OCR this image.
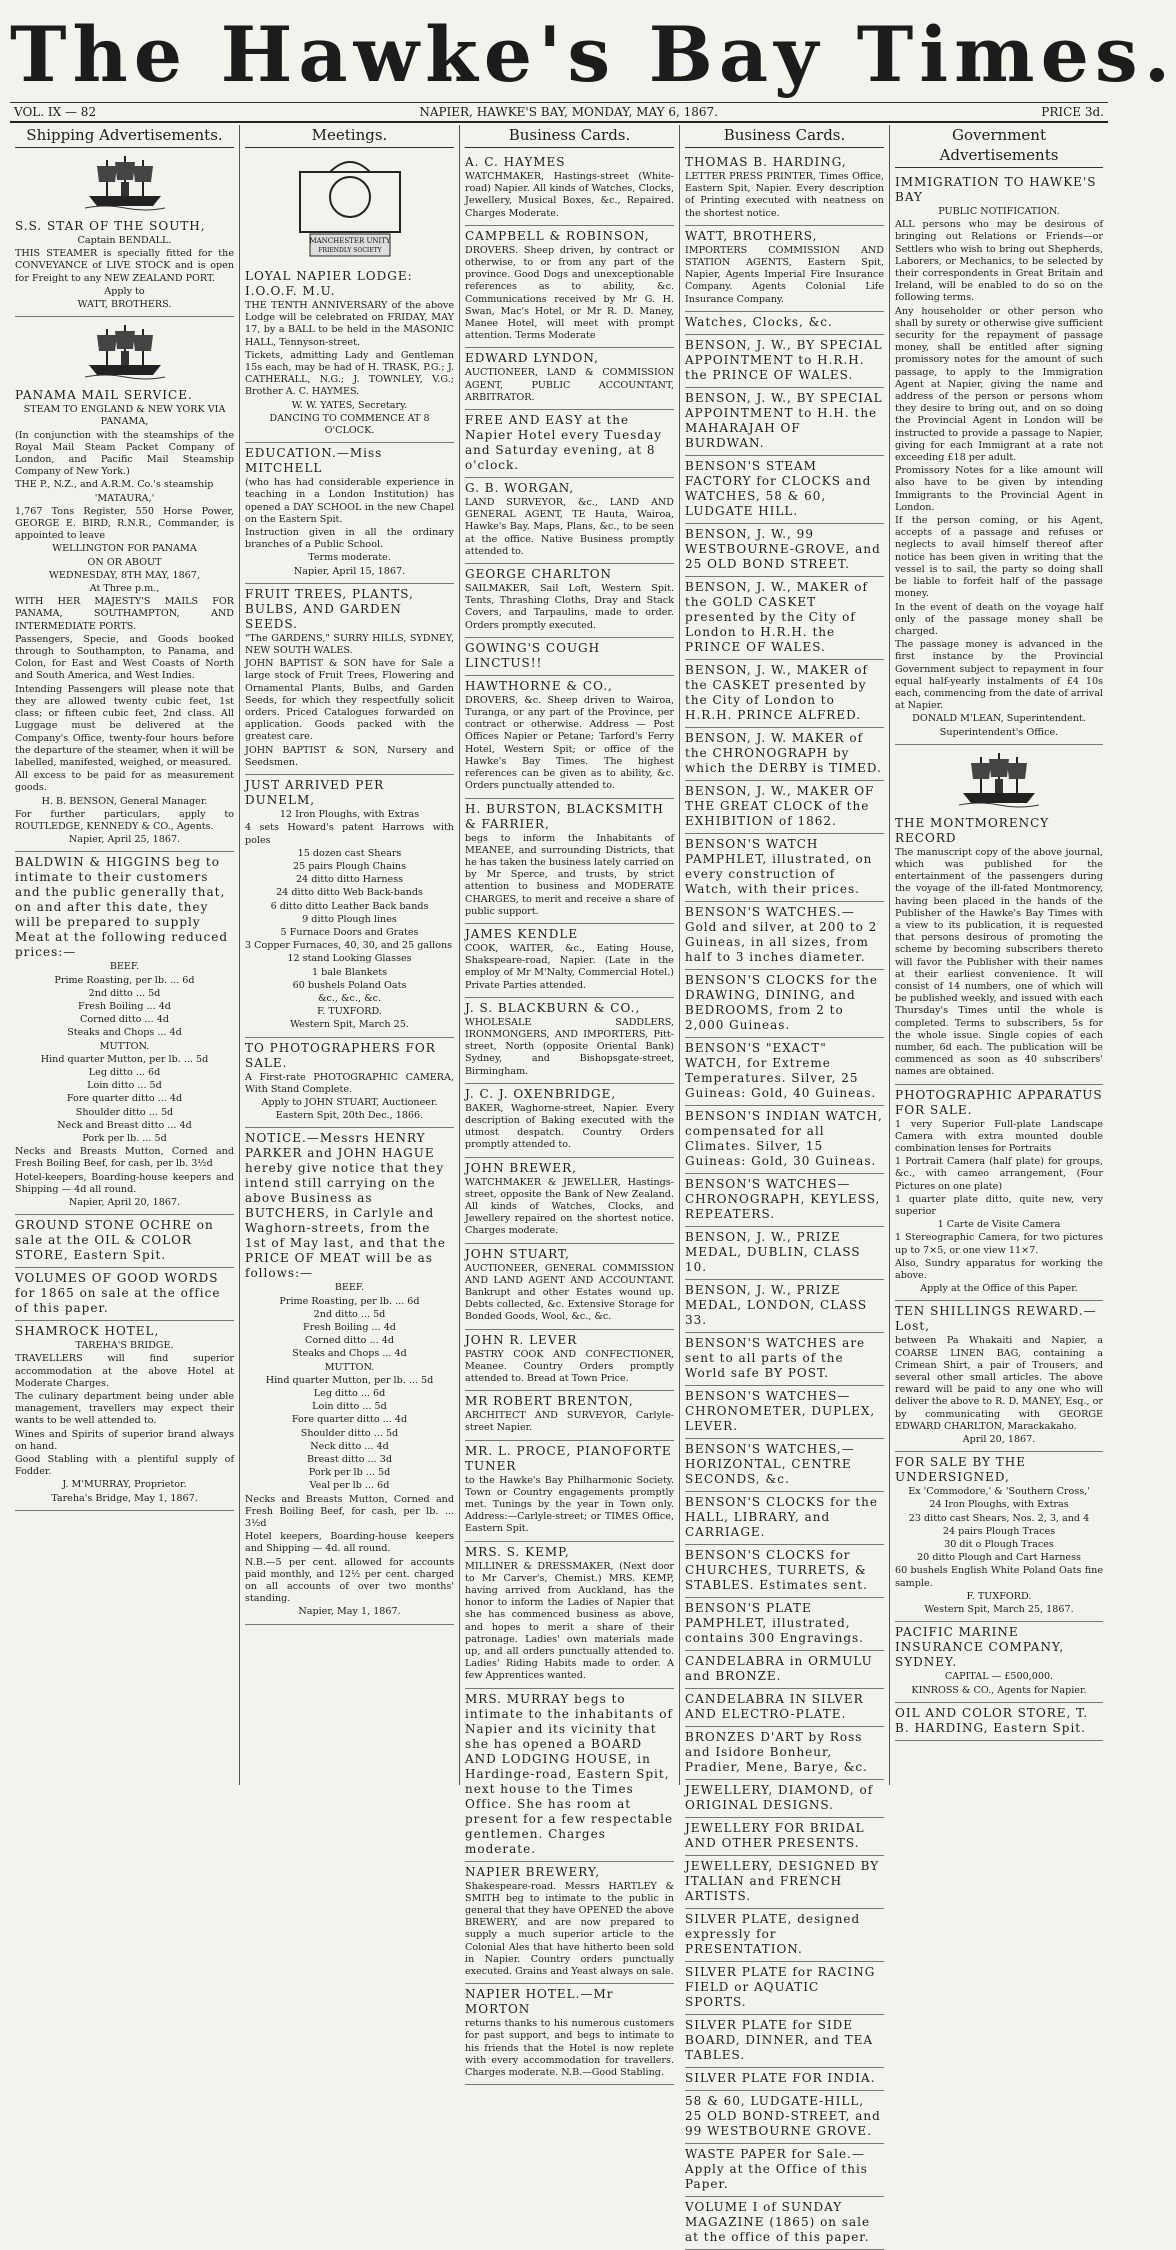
The Hawke's Bay Times.
VOL. IX — 82	NAPIER, HAWKE'S BAY, MONDAY, MAY 6, 1867.	PRICE 3d.
Shipping Advertisements.
S.S. STAR OF THE SOUTH,

Captain BENDALL.

THIS STEAMER is specially fitted for the CONVEYANCE of LIVE STOCK and is open for Freight to any NEW ZEALAND PORT.

Apply to

WATT, BROTHERS.

PANAMA MAIL SERVICE.

STEAM TO ENGLAND & NEW YORK VIA PANAMA,

(In conjunction with the steamships of the Royal Mail Steam Packet Company of London, and Pacific Mail Steamship Company of New York.)

THE P., N.Z., and A.R.M. Co.'s steamship

'MATAURA,'

1,767 Tons Register, 550 Horse Power, GEORGE E. BIRD, R.N.R., Commander, is appointed to leave

WELLINGTON FOR PANAMA

ON OR ABOUT

WEDNESDAY, 8TH MAY, 1867,

At Three p.m.,

WITH HER MAJESTY'S MAILS FOR PANAMA, SOUTHAMPTON, AND INTERMEDIATE PORTS.

Passengers, Specie, and Goods booked through to Southampton, to Panama, and Colon, for East and West Coasts of North and South America, and West Indies.

Intending Passengers will please note that they are allowed twenty cubic feet, 1st class; or fifteen cubic feet, 2nd class. All Luggage must be delivered at the Company's Office, twenty-four hours before the departure of the steamer, when it will be labelled, manifested, weighed, or measured.

All excess to be paid for as measurement goods.

H. B. BENSON, General Manager.

For further particulars, apply to ROUTLEDGE, KENNEDY & CO., Agents.

Napier, April 25, 1867.

BALDWIN & HIGGINS beg to intimate to their customers and the public generally that, on and after this date, they will be prepared to supply Meat at the following reduced prices:—

BEEF.

Prime Roasting, per lb. ... 6d

2nd ditto ... 5d

Fresh Boiling ... 4d

Corned ditto ... 4d

Steaks and Chops ... 4d

MUTTON.

Hind quarter Mutton, per lb. ... 5d

Leg ditto ... 6d

Loin ditto ... 5d

Fore quarter ditto ... 4d

Shoulder ditto ... 5d

Neck and Breast ditto ... 4d

Pork per lb. ... 5d

Necks and Breasts Mutton, Corned and Fresh Boiling Beef, for cash, per lb. 3½d

Hotel-keepers, Boarding-house keepers and Shipping — 4d all round.

Napier, April 20, 1867.

GROUND STONE OCHRE on sale at the OIL & COLOR STORE, Eastern Spit.
VOLUMES OF GOOD WORDS for 1865 on sale at the office of this paper.
SHAMROCK HOTEL,

TAREHA'S BRIDGE.

TRAVELLERS will find superior accommodation at the above Hotel at Moderate Charges.

The culinary department being under able management, travellers may expect their wants to be well attended to.

Wines and Spirits of superior brand always on hand.

Good Stabling with a plentiful supply of Fodder.

J. M'MURRAY, Proprietor.

Tareha's Bridge, May 1, 1867.

Meetings.
MANCHESTER UNITY
FRIENDLY SOCIETY
LOYAL NAPIER LODGE: I.O.O.F. M.U.

THE TENTH ANNIVERSARY of the above Lodge will be celebrated on FRIDAY, MAY 17, by a BALL to be held in the MASONIC HALL, Tennyson-street.

Tickets, admitting Lady and Gentleman 15s each, may be had of H. TRASK, P.G.; J. CATHERALL, N.G.; J. TOWNLEY, V.G.; Brother A. C. HAYMES.

W. W. YATES, Secretary.

DANCING TO COMMENCE AT 8 O'CLOCK.

EDUCATION.—Miss MITCHELL

(who has had considerable experience in teaching in a London Institution) has opened a DAY SCHOOL in the new Chapel on the Eastern Spit.

Instruction given in all the ordinary branches of a Public School.

Terms moderate.

Napier, April 15, 1867.

FRUIT TREES, PLANTS, BULBS, AND GARDEN SEEDS.

"The GARDENS," SURRY HILLS, SYDNEY, NEW SOUTH WALES.

JOHN BAPTIST & SON have for Sale a large stock of Fruit Trees, Flowering and Ornamental Plants, Bulbs, and Garden Seeds, for which they respectfully solicit orders. Priced Catalogues forwarded on application. Goods packed with the greatest care.

JOHN BAPTIST & SON, Nursery and Seedsmen.

JUST ARRIVED PER DUNELM,

12 Iron Ploughs, with Extras

4 sets Howard's patent Harrows with poles

15 dozen cast Shears

25 pairs Plough Chains

24 ditto ditto Harness

24 ditto ditto Web Back-bands

6 ditto ditto Leather Back bands

9 ditto Plough lines

5 Furnace Doors and Grates

3 Copper Furnaces, 40, 30, and 25 gallons

12 stand Looking Glasses

1 bale Blankets

60 bushels Poland Oats

&c., &c., &c.

F. TUXFORD.

Western Spit, March 25.

TO PHOTOGRAPHERS FOR SALE.

A First-rate PHOTOGRAPHIC CAMERA, With Stand Complete.

Apply to JOHN STUART, Auctioneer.

Eastern Spit, 20th Dec., 1866.

NOTICE.—Messrs HENRY PARKER and JOHN HAGUE hereby give notice that they intend still carrying on the above Business as BUTCHERS, in Carlyle and Waghorn-streets, from the 1st of May last, and that the PRICE OF MEAT will be as follows:—

BEEF.

Prime Roasting, per lb. ... 6d

2nd ditto ... 5d

Fresh Boiling ... 4d

Corned ditto ... 4d

Steaks and Chops ... 4d

MUTTON.

Hind quarter Mutton, per lb. ... 5d

Leg ditto ... 6d

Loin ditto ... 5d

Fore quarter ditto ... 4d

Shoulder ditto ... 5d

Neck ditto ... 4d

Breast ditto ... 3d

Pork per lb ... 5d

Veal per lb ... 6d

Necks and Breasts Mutton, Corned and Fresh Boiling Beef, for cash, per lb. ... 3½d

Hotel keepers, Boarding-house keepers and Shipping — 4d. all round.

N.B.—5 per cent. allowed for accounts paid monthly, and 12½ per cent. charged on all accounts of over two months' standing.

Napier, May 1, 1867.

Business Cards.
A. C. HAYMES

WATCHMAKER, Hastings-street (White-road) Napier. All kinds of Watches, Clocks, Jewellery, Musical Boxes, &c., Repaired. Charges Moderate.

CAMPBELL & ROBINSON,

DROVERS. Sheep driven, by contract or otherwise, to or from any part of the province. Good Dogs and unexceptionable references as to ability, &c. Communications received by Mr G. H. Swan, Mac's Hotel, or Mr R. D. Maney, Manee Hotel, will meet with prompt attention. Terms Moderate

EDWARD LYNDON,

AUCTIONEER, LAND & COMMISSION AGENT, PUBLIC ACCOUNTANT, ARBITRATOR.

FREE AND EASY at the Napier Hotel every Tuesday and Saturday evening, at 8 o'clock.
G. B. WORGAN,

LAND SURVEYOR, &c., LAND AND GENERAL AGENT, TE Hauta, Wairoa, Hawke's Bay. Maps, Plans, &c., to be seen at the office. Native Business promptly attended to.

GEORGE CHARLTON

SAILMAKER, Sail Loft, Western Spit. Tents, Thrashing Cloths, Dray and Stack Covers, and Tarpaulins, made to order. Orders promptly executed.

GOWING'S COUGH LINCTUS!!
HAWTHORNE & CO.,

DROVERS, &c. Sheep driven to Wairoa, Turanga, or any part of the Province, per contract or otherwise. Address — Post Offices Napier or Petane; Tarford's Ferry Hotel, Western Spit; or office of the Hawke's Bay Times. The highest references can be given as to ability, &c. Orders punctually attended to.

H. BURSTON, BLACKSMITH & FARRIER,

begs to inform the Inhabitants of MEANEE, and surrounding Districts, that he has taken the business lately carried on by Mr Sperce, and trusts, by strict attention to business and MODERATE CHARGES, to merit and receive a share of public support.

JAMES KENDLE

COOK, WAITER, &c., Eating House, Shakspeare-road, Napier. (Late in the employ of Mr M'Nalty, Commercial Hotel.) Private Parties attended.

J. S. BLACKBURN & CO.,

WHOLESALE SADDLERS, IRONMONGERS, AND IMPORTERS, Pitt-street, North (opposite Oriental Bank) Sydney, and Bishopsgate-street, Birmingham.

J. C. J. OXENBRIDGE,

BAKER, Waghorne-street, Napier. Every description of Baking executed with the utmost despatch. Country Orders promptly attended to.

JOHN BREWER,

WATCHMAKER & JEWELLER, Hastings-street, opposite the Bank of New Zealand. All kinds of Watches, Clocks, and Jewellery repaired on the shortest notice. Charges moderate.

JOHN STUART,

AUCTIONEER, GENERAL COMMISSION AND LAND AGENT AND ACCOUNTANT. Bankrupt and other Estates wound up. Debts collected, &c. Extensive Storage for Bonded Goods, Wool, &c., &c.

JOHN R. LEVER

PASTRY COOK AND CONFECTIONER, Meanee. Country Orders promptly attended to. Bread at Town Price.

MR ROBERT BRENTON,

ARCHITECT AND SURVEYOR, Carlyle-street Napier.

MR. L. PROCE, PIANOFORTE TUNER

to the Hawke's Bay Philharmonic Society. Town or Country engagements promptly met. Tunings by the year in Town only. Address:—Carlyle-street; or TIMES Office, Eastern Spit.

MRS. S. KEMP,

MILLINER & DRESSMAKER, (Next door to Mr Carver's, Chemist.) MRS. KEMP, having arrived from Auckland, has the honor to inform the Ladies of Napier that she has commenced business as above, and hopes to merit a share of their patronage. Ladies' own materials made up, and all orders punctually attended to. Ladies' Riding Habits made to order. A few Apprentices wanted.

MRS. MURRAY begs to intimate to the inhabitants of Napier and its vicinity that she has opened a BOARD AND LODGING HOUSE, in Hardinge-road, Eastern Spit, next house to the Times Office. She has room at present for a few respectable gentlemen. Charges moderate.
NAPIER BREWERY,

Shakespeare-road. Messrs HARTLEY & SMITH beg to intimate to the public in general that they have OPENED the above BREWERY, and are now prepared to supply a much superior article to the Colonial Ales that have hitherto been sold in Napier. Country orders punctually executed. Grains and Yeast always on sale.

NAPIER HOTEL.—Mr MORTON

returns thanks to his numerous customers for past support, and begs to intimate to his friends that the Hotel is now replete with every accommodation for travellers. Charges moderate. N.B.—Good Stabling.

Business Cards.
THOMAS B. HARDING,

LETTER PRESS PRINTER, Times Office, Eastern Spit, Napier. Every description of Printing executed with neatness on the shortest notice.

WATT, BROTHERS,

IMPORTERS COMMISSION AND STATION AGENTS, Eastern Spit, Napier, Agents Imperial Fire Insurance Company. Agents Colonial Life Insurance Company.

Watches, Clocks, &c.
BENSON, J. W., BY SPECIAL APPOINTMENT to H.R.H. the PRINCE OF WALES.
BENSON, J. W., BY SPECIAL APPOINTMENT to H.H. the MAHARAJAH OF BURDWAN.
BENSON'S STEAM FACTORY for CLOCKS and WATCHES, 58 & 60, LUDGATE HILL.
BENSON, J. W., 99 WESTBOURNE-GROVE, and 25 OLD BOND STREET.
BENSON, J. W., MAKER of the GOLD CASKET presented by the City of London to H.R.H. the PRINCE OF WALES.
BENSON, J. W., MAKER of the CASKET presented by the City of London to H.R.H. PRINCE ALFRED.
BENSON, J. W. MAKER of the CHRONOGRAPH by which the DERBY is TIMED.
BENSON, J. W., MAKER OF THE GREAT CLOCK of the EXHIBITION of 1862.
BENSON'S WATCH PAMPHLET, illustrated, on every construction of Watch, with their prices.
BENSON'S WATCHES.—Gold and silver, at 200 to 2 Guineas, in all sizes, from half to 3 inches diameter.
BENSON'S CLOCKS for the DRAWING, DINING, and BEDROOMS, from 2 to 2,000 Guineas.
BENSON'S "EXACT" WATCH, for Extreme Temperatures. Silver, 25 Guineas: Gold, 40 Guineas.
BENSON'S INDIAN WATCH, compensated for all Climates. Silver, 15 Guineas: Gold, 30 Guineas.
BENSON'S WATCHES—CHRONOGRAPH, KEYLESS, REPEATERS.
BENSON, J. W., PRIZE MEDAL, DUBLIN, CLASS 10.
BENSON, J. W., PRIZE MEDAL, LONDON, CLASS 33.
BENSON'S WATCHES are sent to all parts of the World safe BY POST.
BENSON'S WATCHES—CHRONOMETER, DUPLEX, LEVER.
BENSON'S WATCHES,—HORIZONTAL, CENTRE SECONDS, &c.
BENSON'S CLOCKS for the HALL, LIBRARY, and CARRIAGE.
BENSON'S CLOCKS for CHURCHES, TURRETS, & STABLES. Estimates sent.
BENSON'S PLATE PAMPHLET, illustrated, contains 300 Engravings.
CANDELABRA in ORMULU and BRONZE.
CANDELABRA IN SILVER AND ELECTRO-PLATE.
BRONZES D'ART by Ross and Isidore Bonheur, Pradier, Mene, Barye, &c.
JEWELLERY, DIAMOND, of ORIGINAL DESIGNS.
JEWELLERY FOR BRIDAL AND OTHER PRESENTS.
JEWELLERY, DESIGNED BY ITALIAN and FRENCH ARTISTS.
SILVER PLATE, designed expressly for PRESENTATION.
SILVER PLATE for RACING FIELD or AQUATIC SPORTS.
SILVER PLATE for SIDE BOARD, DINNER, and TEA TABLES.
SILVER PLATE FOR INDIA.
58 & 60, LUDGATE-HILL, 25 OLD BOND-STREET, and 99 WESTBOURNE GROVE.
WASTE PAPER for Sale.—Apply at the Office of this Paper.
VOLUME I of SUNDAY MAGAZINE (1865) on sale at the office of this paper.
Government Advertisements
IMMIGRATION TO HAWKE'S BAY

PUBLIC NOTIFICATION.

ALL persons who may be desirous of bringing out Relations or Friends—or Settlers who wish to bring out Shepherds, Laborers, or Mechanics, to be selected by their correspondents in Great Britain and Ireland, will be enabled to do so on the following terms.

Any householder or other person who shall by surety or otherwise give sufficient security for the repayment of passage money, shall be entitled after signing promissory notes for the amount of such passage, to apply to the Immigration Agent at Napier, giving the name and address of the person or persons whom they desire to bring out, and on so doing the Provincial Agent in London will be instructed to provide a passage to Napier, giving for each Immigrant at a rate not exceeding £18 per adult.

Promissory Notes for a like amount will also have to be given by intending Immigrants to the Provincial Agent in London.

If the person coming, or his Agent, accepts of a passage and refuses or neglects to avail himself thereof after notice has been given in writing that the vessel is to sail, the party so doing shall be liable to forfeit half of the passage money.

In the event of death on the voyage half only of the passage money shall be charged.

The passage money is advanced in the first instance by the Provincial Government subject to repayment in four equal half-yearly instalments of £4 10s each, commencing from the date of arrival at Napier.

DONALD M'LEAN, Superintendent.

Superintendent's Office.

THE MONTMORENCY RECORD

The manuscript copy of the above journal, which was published for the entertainment of the passengers during the voyage of the ill-fated Montmorency, having been placed in the hands of the Publisher of the Hawke's Bay Times with a view to its publication, it is requested that persons desirous of promoting the scheme by becoming subscribers thereto will favor the Publisher with their names at their earliest convenience. It will consist of 14 numbers, one of which will be published weekly, and issued with each Thursday's Times until the whole is completed. Terms to subscribers, 5s for the whole issue. Single copies of each number, 6d each. The publication will be commenced as soon as 40 subscribers' names are obtained.

PHOTOGRAPHIC APPARATUS FOR SALE.

1 very Superior Full-plate Landscape Camera with extra mounted double combination lenses for Portraits

1 Portrait Camera (half plate) for groups, &c., with cameo arrangement, (Four Pictures on one plate)

1 quarter plate ditto, quite new, very superior

1 Carte de Visite Camera

1 Stereographic Camera, for two pictures up to 7×5, or one view 11×7.

Also, Sundry apparatus for working the above.

Apply at the Office of this Paper.

TEN SHILLINGS REWARD.—Lost,

between Pa Whakaiti and Napier, a COARSE LINEN BAG, containing a Crimean Shirt, a pair of Trousers, and several other small articles. The above reward will be paid to any one who will deliver the above to R. D. MANEY, Esq., or by communicating with GEORGE EDWARD CHARLTON, Marackakaho.

April 20, 1867.

FOR SALE BY THE UNDERSIGNED,

Ex 'Commodore,' & 'Southern Cross,'

24 Iron Ploughs, with Extras

23 ditto cast Shears, Nos. 2, 3, and 4

24 pairs Plough Traces

30 dit o Plough Traces

20 ditto Plough and Cart Harness

60 bushels English White Poland Oats fine sample.

F. TUXFORD.

Western Spit, March 25, 1867.

PACIFIC MARINE INSURANCE COMPANY, SYDNEY.

CAPITAL — £500,000.

KINROSS & CO., Agents for Napier.

OIL AND COLOR STORE, T. B. HARDING, Eastern Spit.
